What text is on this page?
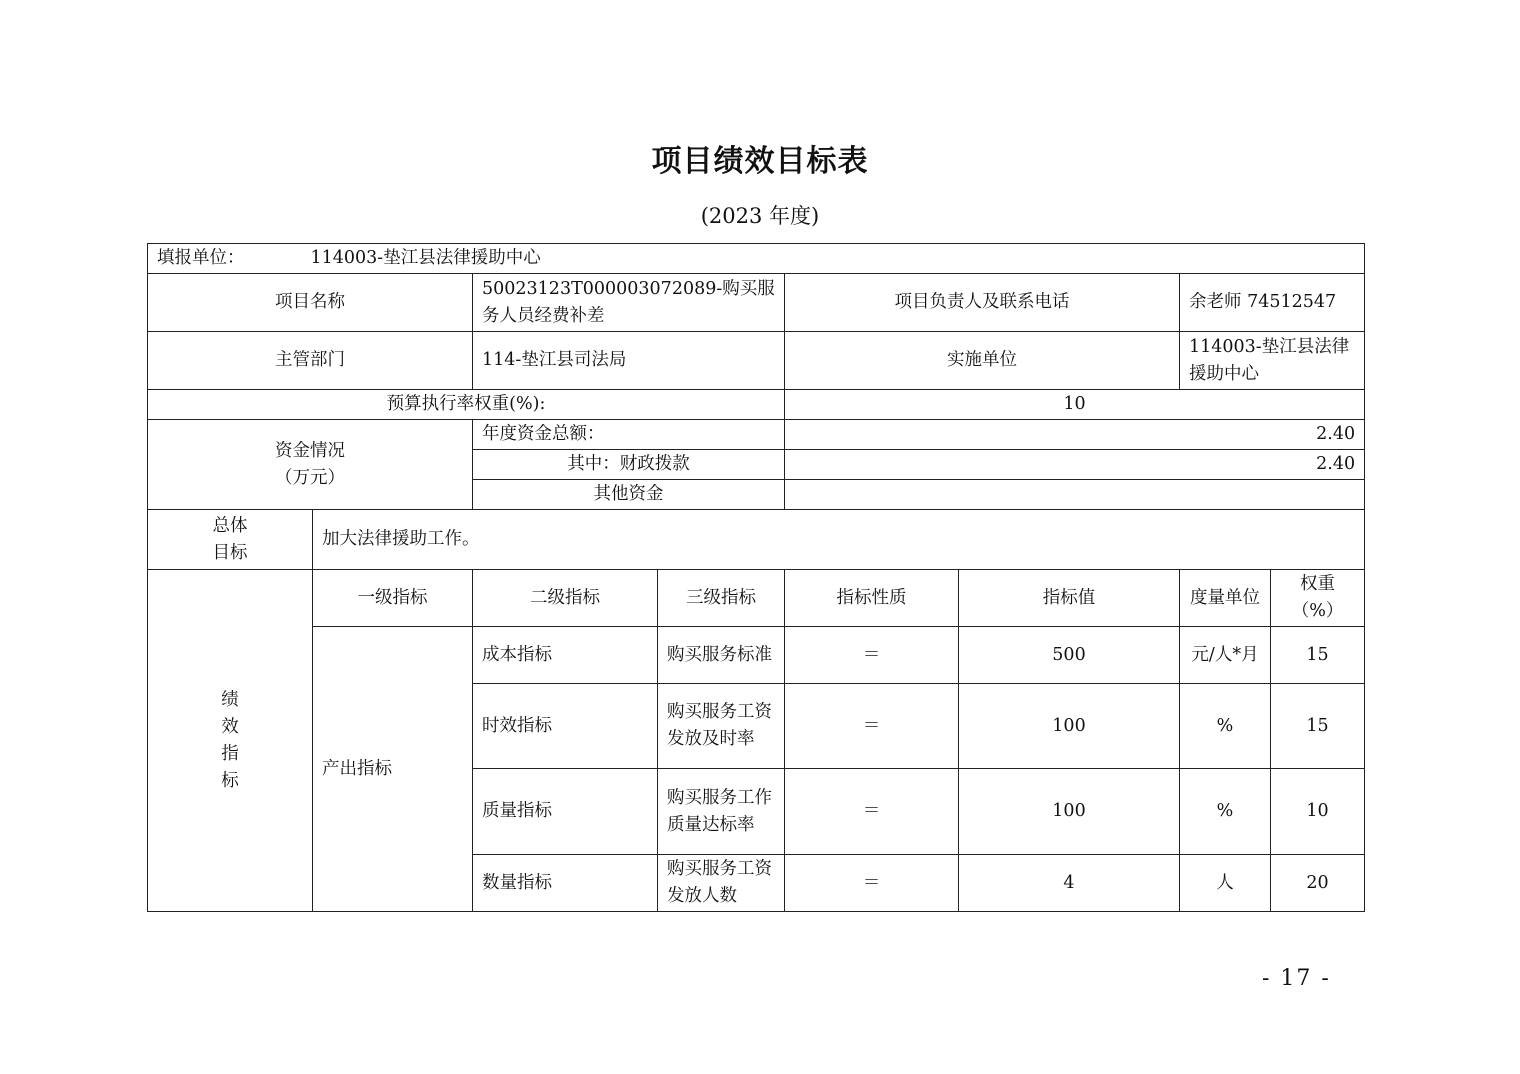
项目绩效目标表
(2023 年度)
填报单位： 114003-垫江县法律援助中心							
项目名称		50023123T000003072089-购买服务人员经费补差		项目负责人及联系电话		余老师 74512547	
主管部门		114-垫江县司法局		实施单位		114003-垫江县法律援助中心	
预算执行率权重(%):				10			

资金情况
（万元）		年度资金总额：		2.40			
		其中：财政拨款		2.40			
		其他资金					

总体
目标	加大法律援助工作。						

绩
效
指
标	一级指标	二级指标	三级指标	指标性质	指标值	度量单位	权重（%）
	产出指标	成本指标	购买服务标准	＝	500	元/人*月	15
		时效指标	购买服务工资发放及时率	＝	100	%	15
		质量指标	购买服务工作质量达标率	＝	100	%	10
		数量指标	购买服务工资发放人数	＝	4	人	20
- 17 -
